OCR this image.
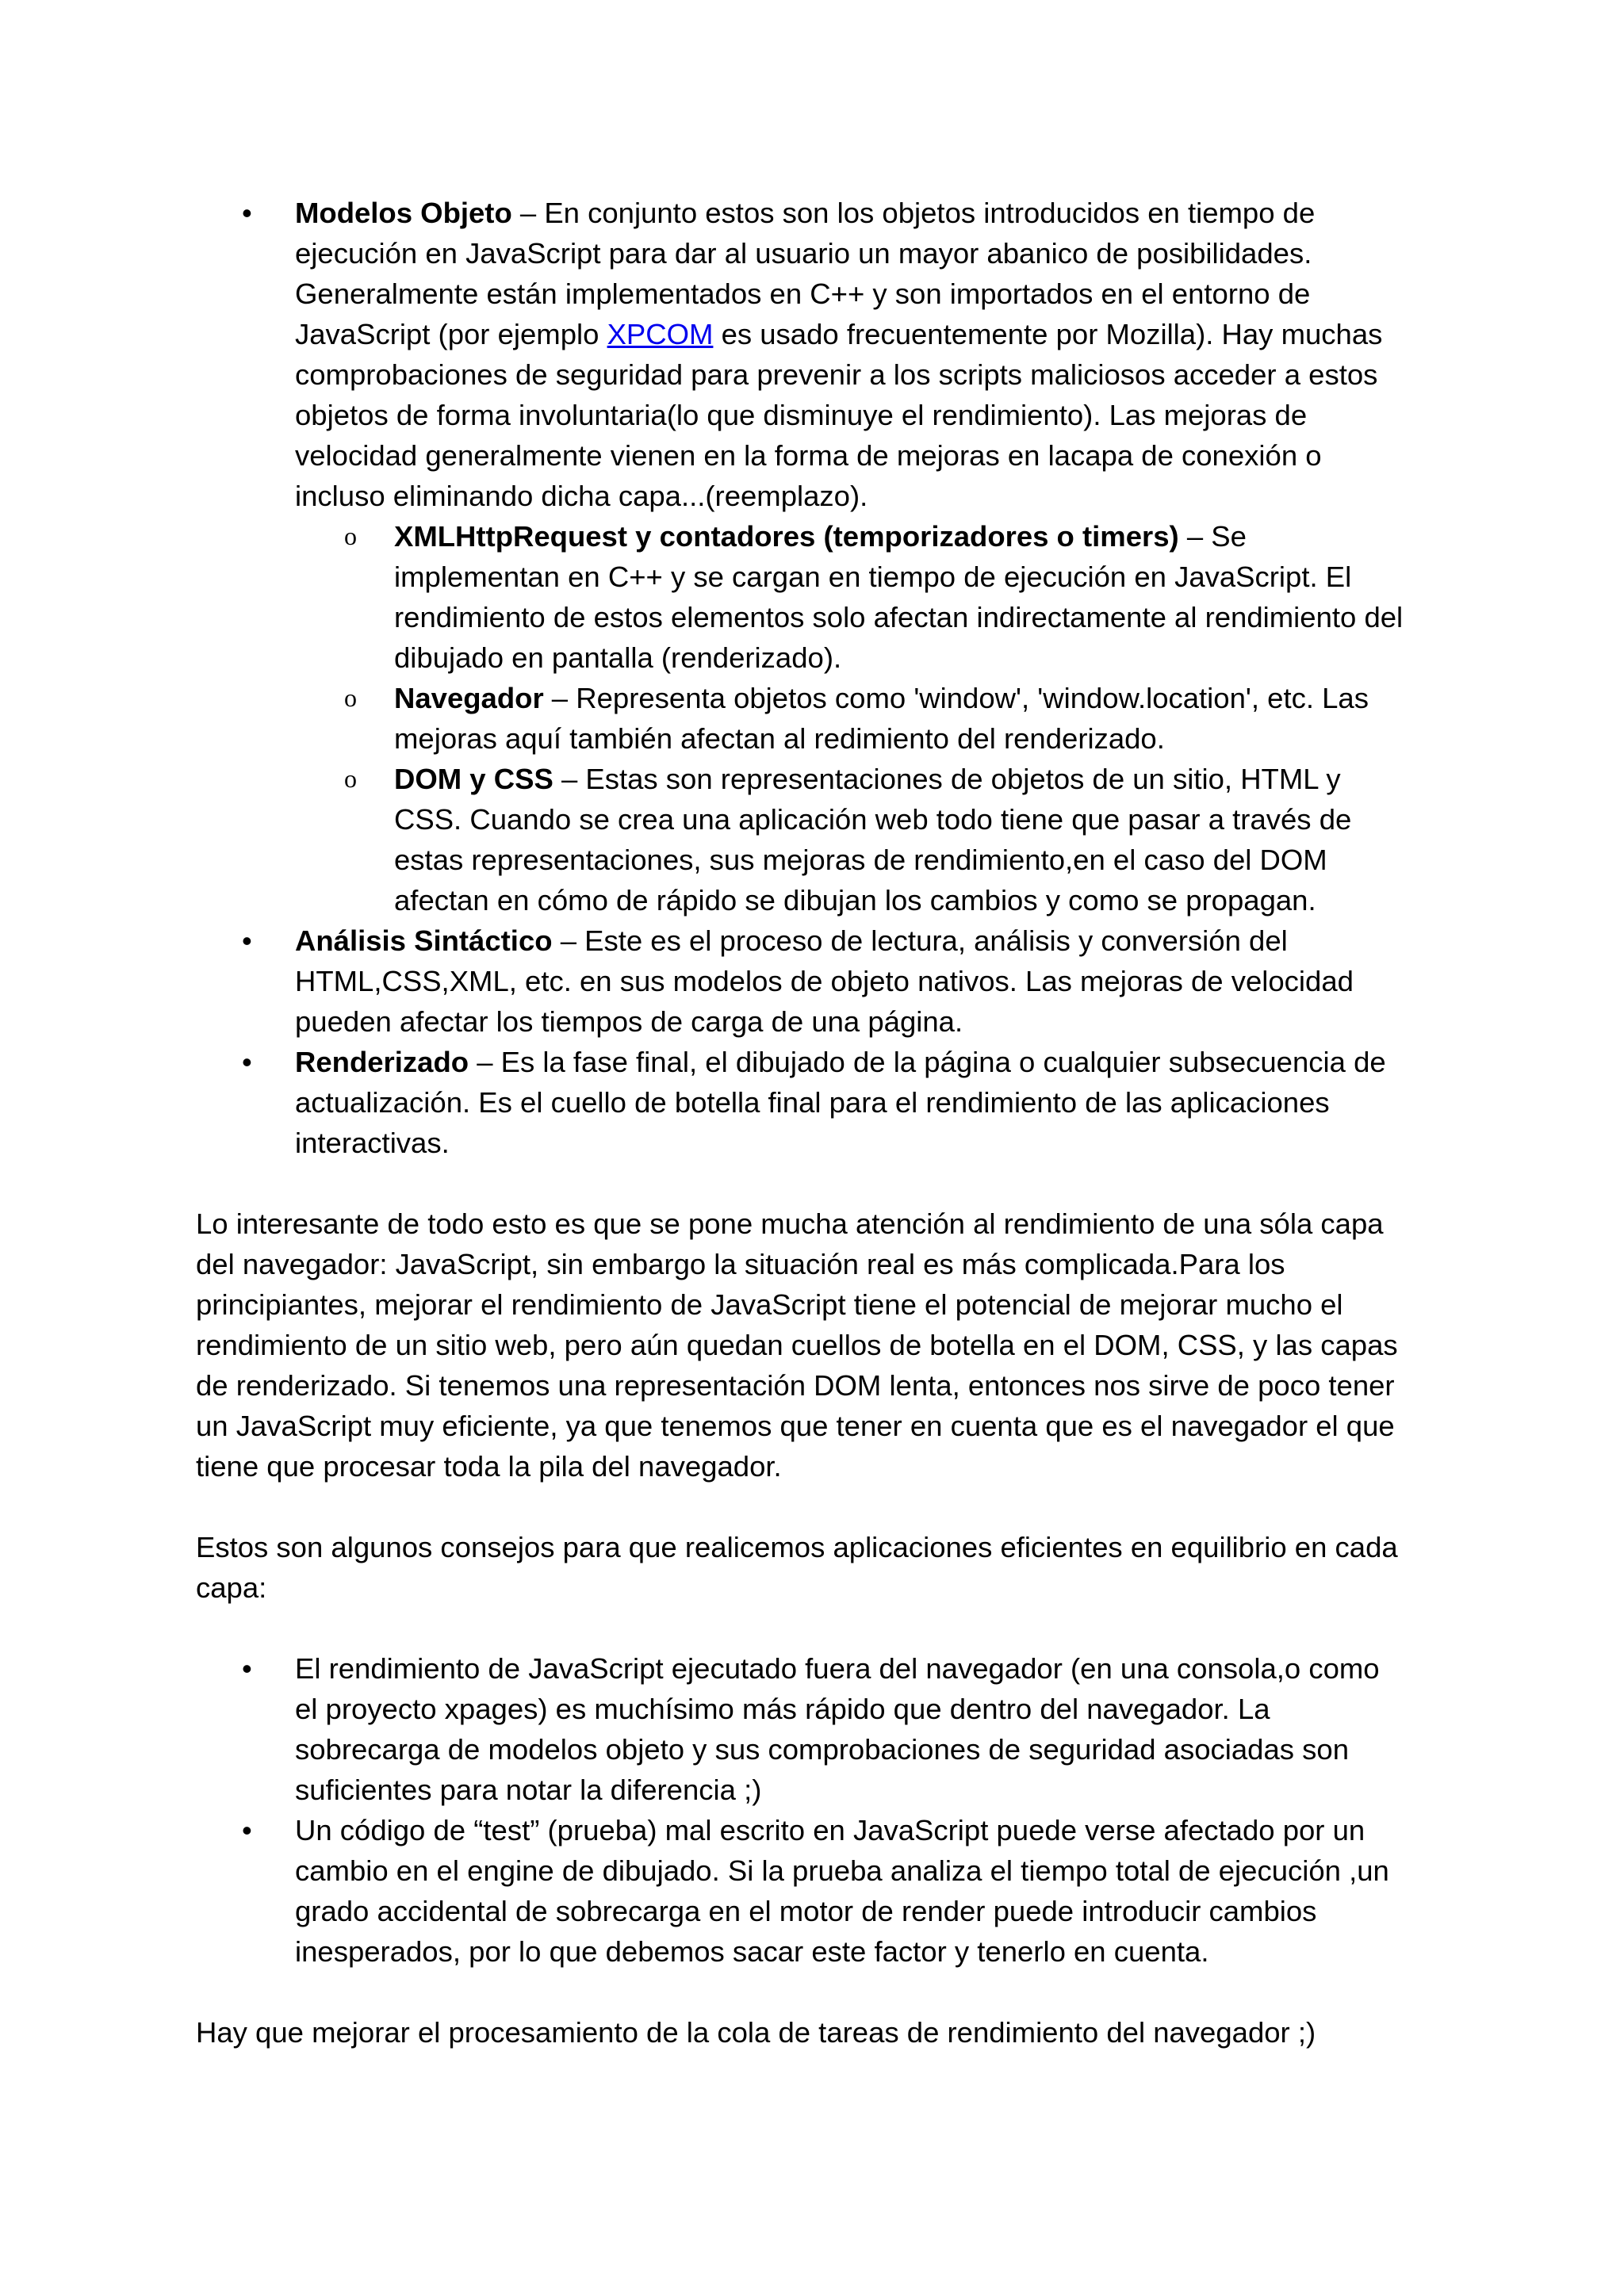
• Modelos Objeto – En conjunto estos son los objetos introducidos en tiempo de ejecución en JavaScript para dar al usuario un mayor abanico de posibilidades. Generalmente están implementados en C++ y son importados en el entorno de JavaScript (por ejemplo XPCOM es usado frecuentemente por Mozilla). Hay muchas comprobaciones de seguridad para prevenir a los scripts maliciosos acceder a estos objetos de forma involuntaria(lo que disminuye el rendimiento). Las mejoras de velocidad generalmente vienen en la forma de mejoras en lacapa de conexión o incluso eliminando dicha capa...(reemplazo).
o XMLHttpRequest y contadores (temporizadores o timers) – Se implementan en C++ y se cargan en tiempo de ejecución en JavaScript. El rendimiento de estos elementos solo afectan indirectamente al rendimiento del dibujado en pantalla (renderizado).
o Navegador – Representa objetos como 'window', 'window.location', etc. Las mejoras aquí también afectan al redimiento del renderizado.
o DOM y CSS – Estas son representaciones de objetos de un sitio, HTML y CSS. Cuando se crea una aplicación web todo tiene que pasar a través de estas representaciones, sus mejoras de rendimiento,en el caso del DOM afectan en cómo de rápido se dibujan los cambios y como se propagan.
• Análisis Sintáctico – Este es el proceso de lectura, análisis y conversión del HTML,CSS,XML, etc. en sus modelos de objeto nativos. Las mejoras de velocidad pueden afectar los tiempos de carga de una página.
• Renderizado – Es la fase final, el dibujado de la página o cualquier subsecuencia de actualización. Es el cuello de botella final para el rendimiento de las aplicaciones interactivas.

Lo interesante de todo esto es que se pone mucha atención al rendimiento de una sóla capa del navegador: JavaScript, sin embargo la situación real es más complicada.Para los principiantes, mejorar el rendimiento de JavaScript tiene el potencial de mejorar mucho el rendimiento de un sitio web, pero aún quedan cuellos de botella en el DOM, CSS, y las capas de renderizado. Si tenemos una representación DOM lenta, entonces nos sirve de poco tener un JavaScript muy eficiente, ya que tenemos que tener en cuenta que es el navegador el que tiene que procesar toda la pila del navegador.

Estos son algunos consejos para que realicemos aplicaciones eficientes en equilibrio en cada capa:

• El rendimiento de JavaScript ejecutado fuera del navegador (en una consola,o como el proyecto xpages) es muchísimo más rápido que dentro del navegador. La sobrecarga de modelos objeto y sus comprobaciones de seguridad asociadas son suficientes para notar la diferencia ;)
• Un código de “test” (prueba) mal escrito en JavaScript puede verse afectado por un cambio en el engine de dibujado. Si la prueba analiza el tiempo total de ejecución ,un grado accidental de sobrecarga en el motor de render puede introducir cambios inesperados, por lo que debemos sacar este factor y tenerlo en cuenta.

Hay que mejorar el procesamiento de la cola de tareas de rendimiento del navegador ;)
